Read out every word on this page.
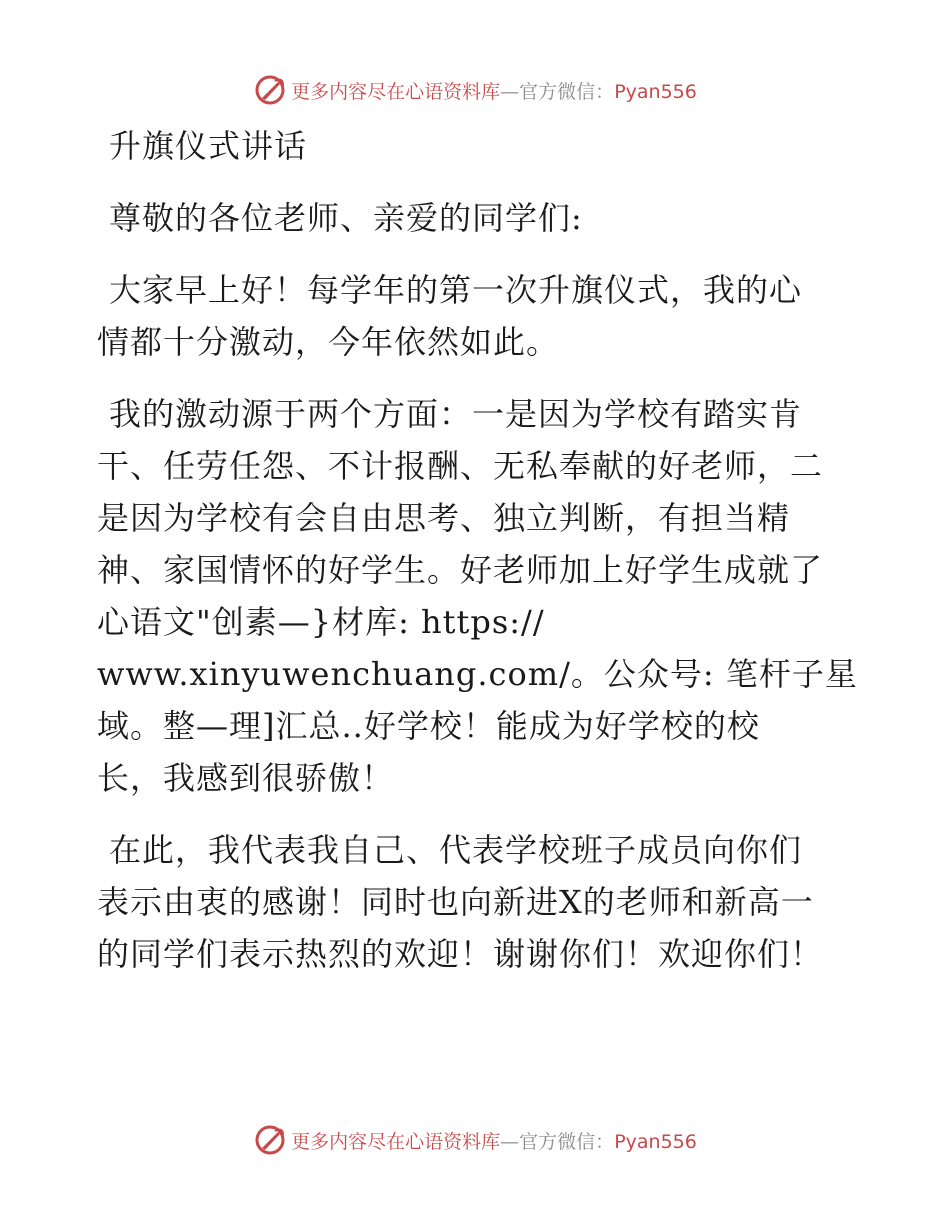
更多内容尽在心语资料库—官方微信：Pyan556
升旗仪式讲话
尊敬的各位老师、亲爱的同学们:
大家早上好！每学年的第一次升旗仪式，我的心
情都十分激动，今年依然如此。
我的激动源于两个方面：一是因为学校有踏实肯
干、任劳任怨、不计报酬、无私奉献的好老师，二
是因为学校有会自由思考、独立判断，有担当精
神、家国情怀的好学生。好老师加上好学生成就了
心语文"创素—}材库: https://
www.xinyuwenchuang.com/。公众号: 笔杆子星
域。整—理]汇总..好学校！能成为好学校的校
长，我感到很骄傲！
在此，我代表我自己、代表学校班子成员向你们
表示由衷的感谢！同时也向新进X的老师和新高一
的同学们表示热烈的欢迎！谢谢你们！欢迎你们！
更多内容尽在心语资料库—官方微信：Pyan556
